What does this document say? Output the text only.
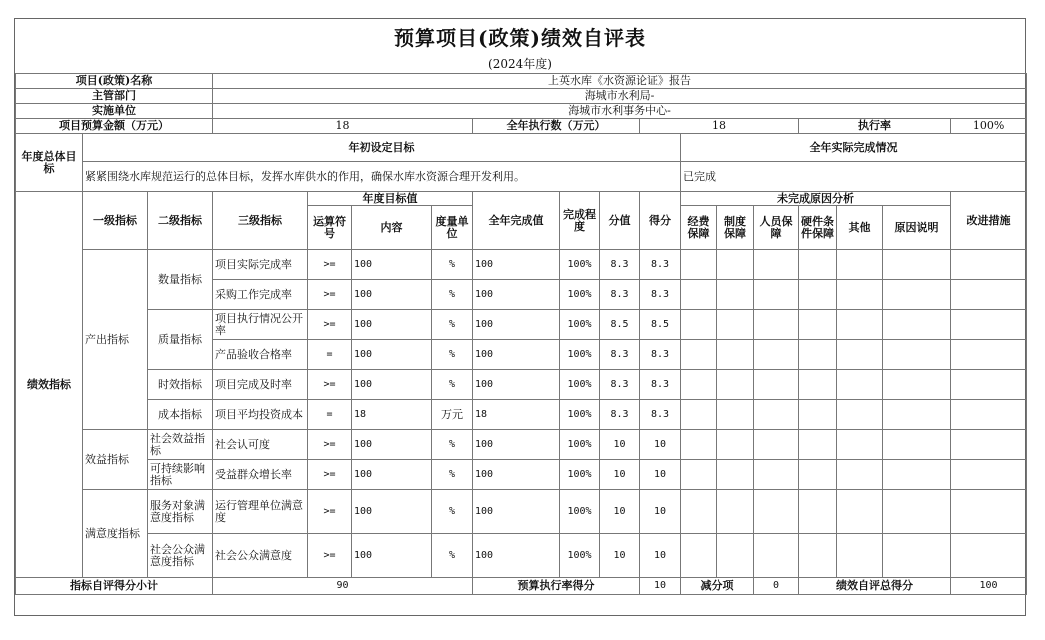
预算项目(政策)绩效自评表
(2024年度)
项目(政策)名称			上英水库《水资源论证》报告														
主管部门			海城市水利局-														
实施单位			海城市水利事务中心-														
项目预算金额（万元）			18				全年执行数（万元）			18				执行率			100%
年度总体目标	年初设定目标										全年实际完成情况						
	紧紧围绕水库规范运行的总体目标，发挥水库供水的作用，确保水库水资源合理开发利用。										已完成						
绩效指标	一级指标	二级指标	三级指标	年度目标值			全年完成值	完成程度	分值	得分	未完成原因分析						改进措施
				运算符号	内容	度量单位					经费保障	制度保障	人员保障	硬件条件保障	其他	原因说明	

	产出指标	数量指标	项目实际完成率	>=	100	%	100	100%	8.3	8.3							
			采购工作完成率	>=	100	%	100	100%	8.3	8.3							
		质量指标	项目执行情况公开率	>=	100	%	100	100%	8.5	8.5							
			产品验收合格率	=	100	%	100	100%	8.3	8.3							
		时效指标	项目完成及时率	>=	100	%	100	100%	8.3	8.3							
		成本指标	项目平均投资成本	=	18	万元	18	100%	8.3	8.3							
	效益指标	社会效益指标	社会认可度	>=	100	%	100	100%	10	10							
		可持续影响指标	受益群众增长率	>=	100	%	100	100%	10	10							
	满意度指标	服务对象满意度指标	运行管理单位满意度	>=	100	%	100	100%	10	10							
		社会公众满意度指标	社会公众满意度	>=	100	%	100	100%	10	10							
指标自评得分小计			90				预算执行率得分			10	减分项		0	绩效自评总得分			100
